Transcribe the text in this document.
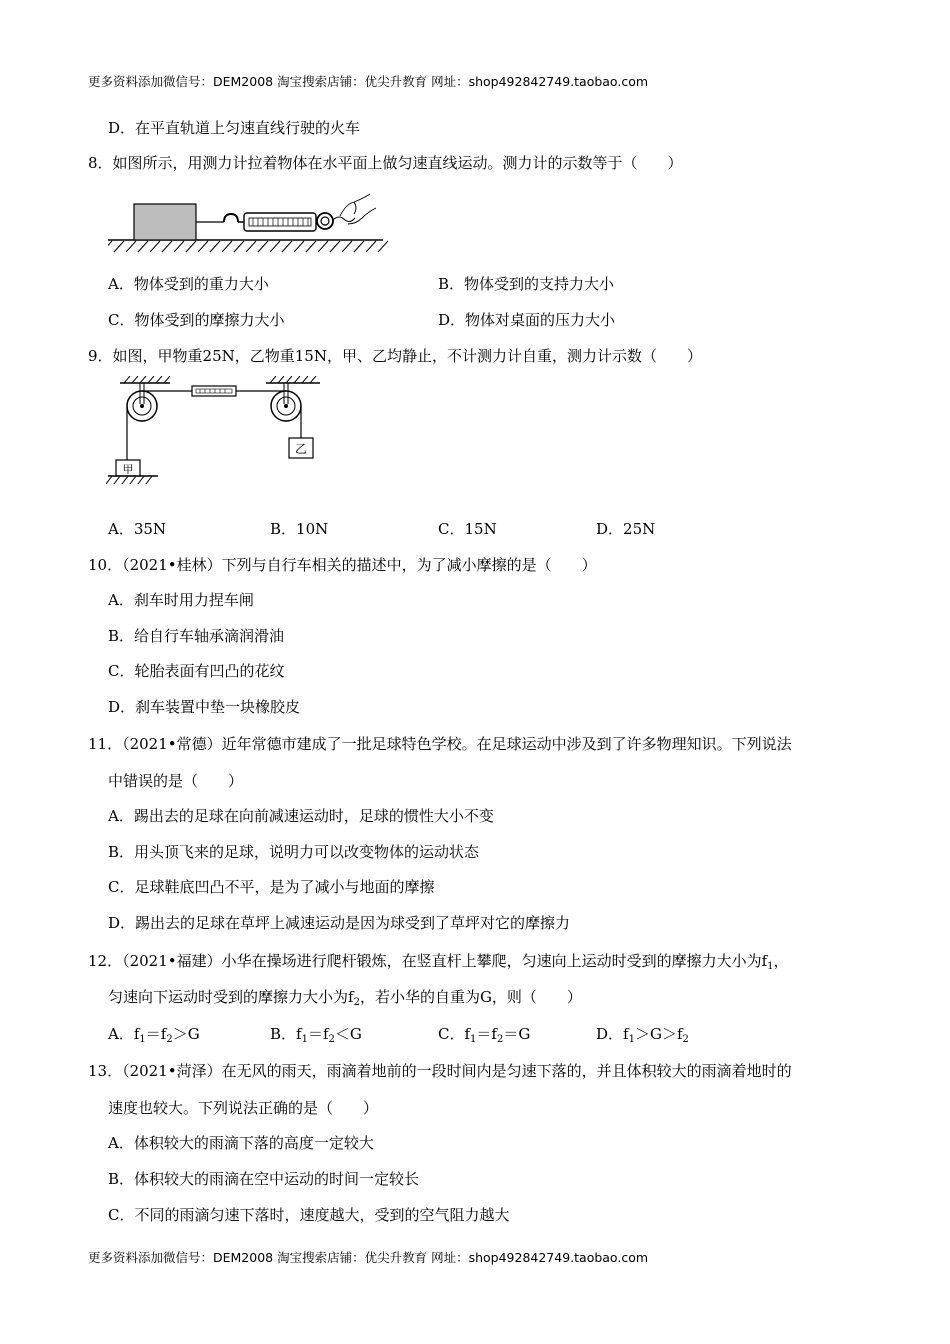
更多资料添加微信号：DEM2008 淘宝搜索店铺：优尖升教育 网址：shop492842749.taobao.com
D．在平直轨道上匀速直线行驶的火车
8．如图所示，用测力计拉着物体在水平面上做匀速直线运动。测力计的示数等于（　　）
A．物体受到的重力大小	B．物体受到的支持力大小
C．物体受到的摩擦力大小	D．物体对桌面的压力大小
9．如图，甲物重25N，乙物重15N，甲、乙均静止，不计测力计自重，测力计示数（　　）
甲
乙
A．35N	B．10N	C．15N	D．25N
10．（2021•桂林）下列与自行车相关的描述中，为了减小摩擦的是（　　）
A．刹车时用力捏车闸
B．给自行车轴承滴润滑油
C．轮胎表面有凹凸的花纹
D．刹车装置中垫一块橡胶皮
11．（2021•常德）近年常德市建成了一批足球特色学校。在足球运动中涉及到了许多物理知识。下列说法
中错误的是（　　）
A．踢出去的足球在向前减速运动时，足球的惯性大小不变
B．用头顶飞来的足球，说明力可以改变物体的运动状态
C．足球鞋底凹凸不平，是为了减小与地面的摩擦
D．踢出去的足球在草坪上减速运动是因为球受到了草坪对它的摩擦力
12．（2021•福建）小华在操场进行爬杆锻炼，在竖直杆上攀爬，匀速向上运动时受到的摩擦力大小为$f_1$，
匀速向下运动时受到的摩擦力大小为$f_2$，若小华的自重为G，则（　　）
A．$f_1=f_2>G$	B．$f_1=f_2<G$	C．$f_1=f_2=G$	D．$f_1>G>f_2$
13．（2021•菏泽）在无风的雨天，雨滴着地前的一段时间内是匀速下落的，并且体积较大的雨滴着地时的
速度也较大。下列说法正确的是（　　）
A．体积较大的雨滴下落的高度一定较大
B．体积较大的雨滴在空中运动的时间一定较长
C．不同的雨滴匀速下落时，速度越大，受到的空气阻力越大
更多资料添加微信号：DEM2008 淘宝搜索店铺：优尖升教育 网址：shop492842749.taobao.com
